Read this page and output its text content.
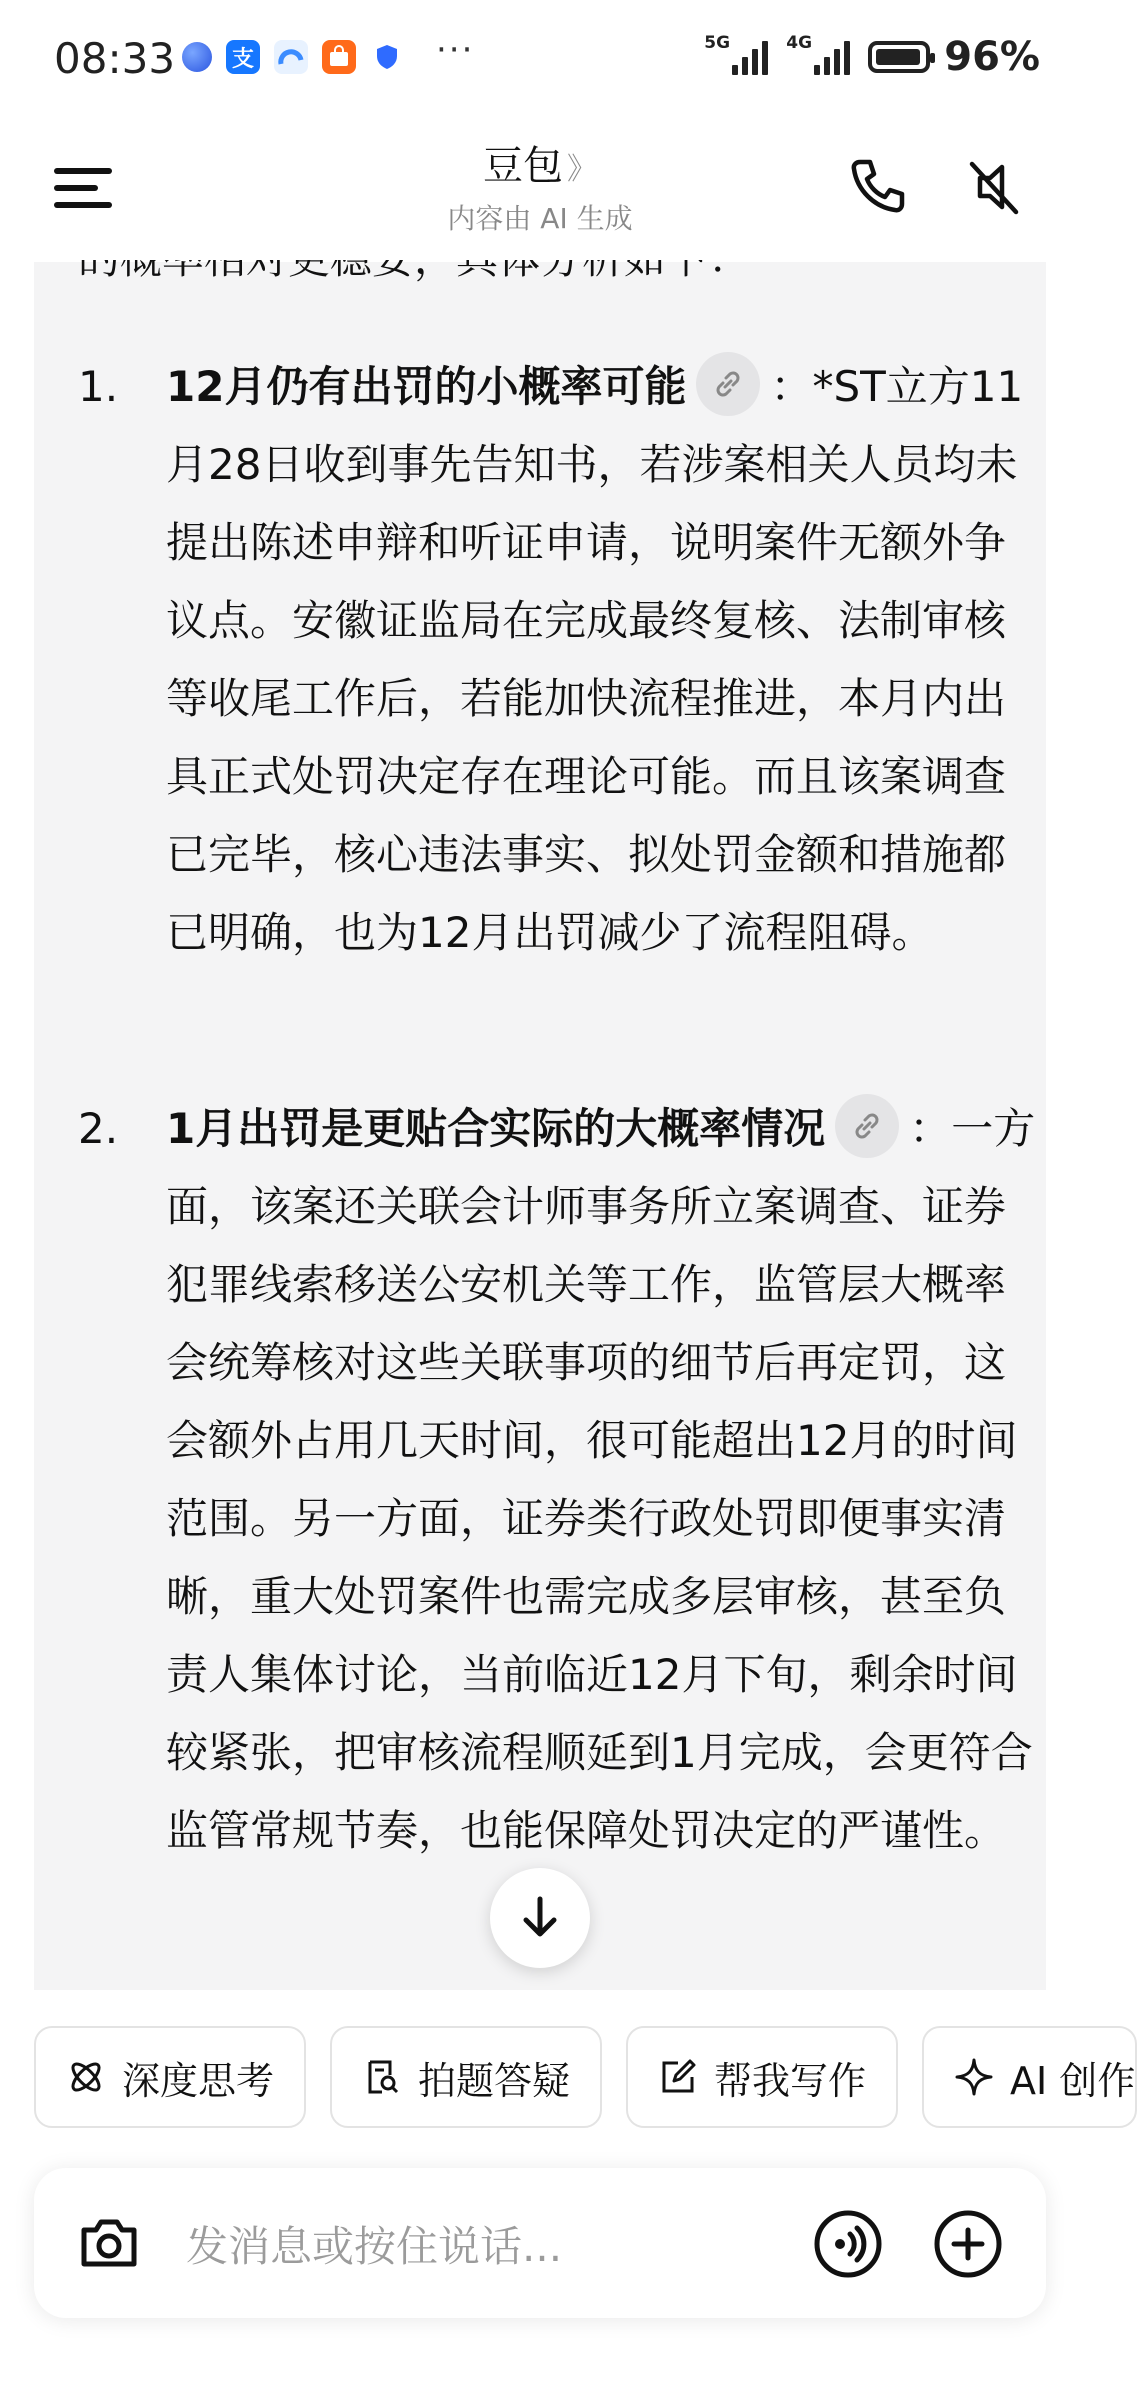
08:33	支	···	5G	4G	96%
豆包 》
内容由 AI 生成
1. 12月仍有出罚的小概率可能 ：*ST立方11月28日收到事先告知书，若涉案相关人员均未提出陈述申辩和听证申请，说明案件无额外争议点。安徽证监局在完成最终复核、法制审核等收尾工作后，若能加快流程推进，本月内出具正式处罚决定存在理论可能。而且该案调查已完毕，核心违法事实、拟处罚金额和措施都已明确，也为12月出罚减少了流程阻碍。
2. 1月出罚是更贴合实际的大概率情况 ：一方面，该案还关联会计师事务所立案调查、证券犯罪线索移送公安机关等工作，监管层大概率会统筹核对这些关联事项的细节后再定罚，这会额外占用几天时间，很可能超出12月的时间范围。另一方面，证券类行政处罚即便事实清晰，重大处罚案件也需完成多层审核，甚至负责人集体讨论，当前临近12月下旬，剩余时间较紧张，把审核流程顺延到1月完成，会更符合监管常规节奏，也能保障处罚决定的严谨性。
深度思考	拍题答疑	帮我写作	AI 创作
发消息或按住说话...
